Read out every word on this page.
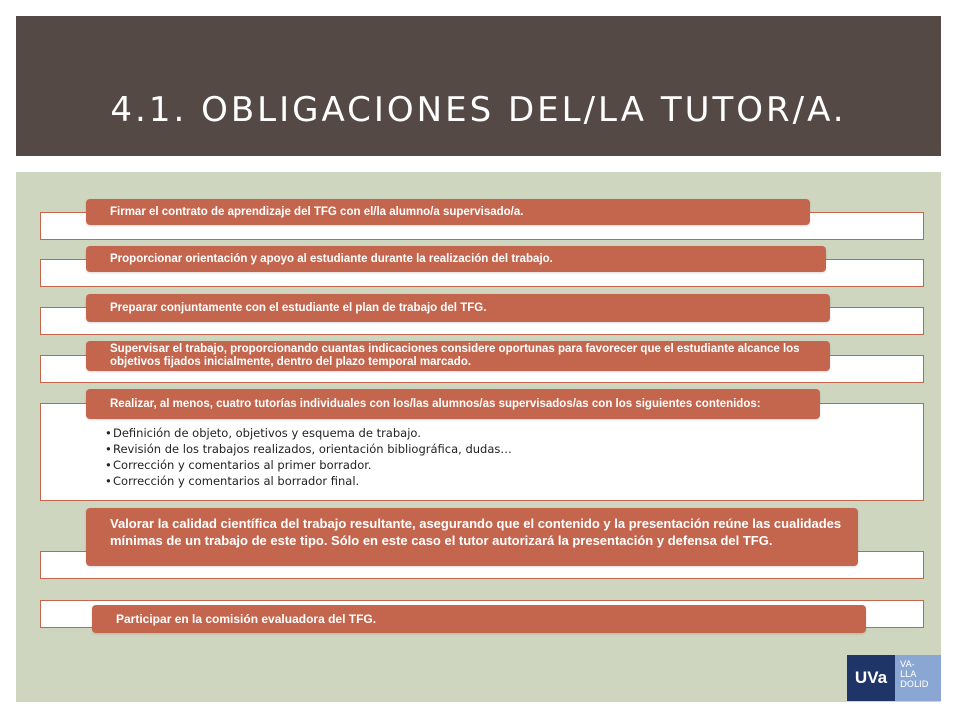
4.1. OBLIGACIONES DEL/LA TUTOR/A.
Firmar el contrato de aprendizaje del TFG con el/la alumno/a supervisado/a.
Proporcionar orientación y apoyo al estudiante durante la realización del trabajo.
Preparar conjuntamente con el estudiante el plan de trabajo del TFG.
Supervisar el trabajo, proporcionando cuantas indicaciones considere oportunas para favorecer que el estudiante alcance los objetivos fijados inicialmente, dentro del plazo temporal marcado.
Realizar, al menos, cuatro tutorías individuales con los/las alumnos/as supervisados/as con los siguientes contenidos:
• Definición de objeto, objetivos y esquema de trabajo.
• Revisión de los trabajos realizados, orientación bibliográfica, dudas…
• Corrección y comentarios al primer borrador.
• Corrección y comentarios al borrador final.
Valorar la calidad científica del trabajo resultante, asegurando que el contenido y la presentación reúne las cualidades mínimas de un trabajo de este tipo. Sólo en este caso el tutor autorizará la presentación y defensa del TFG.
Participar en la comisión evaluadora del TFG.
UVa
VA-
LLA
DOLID
